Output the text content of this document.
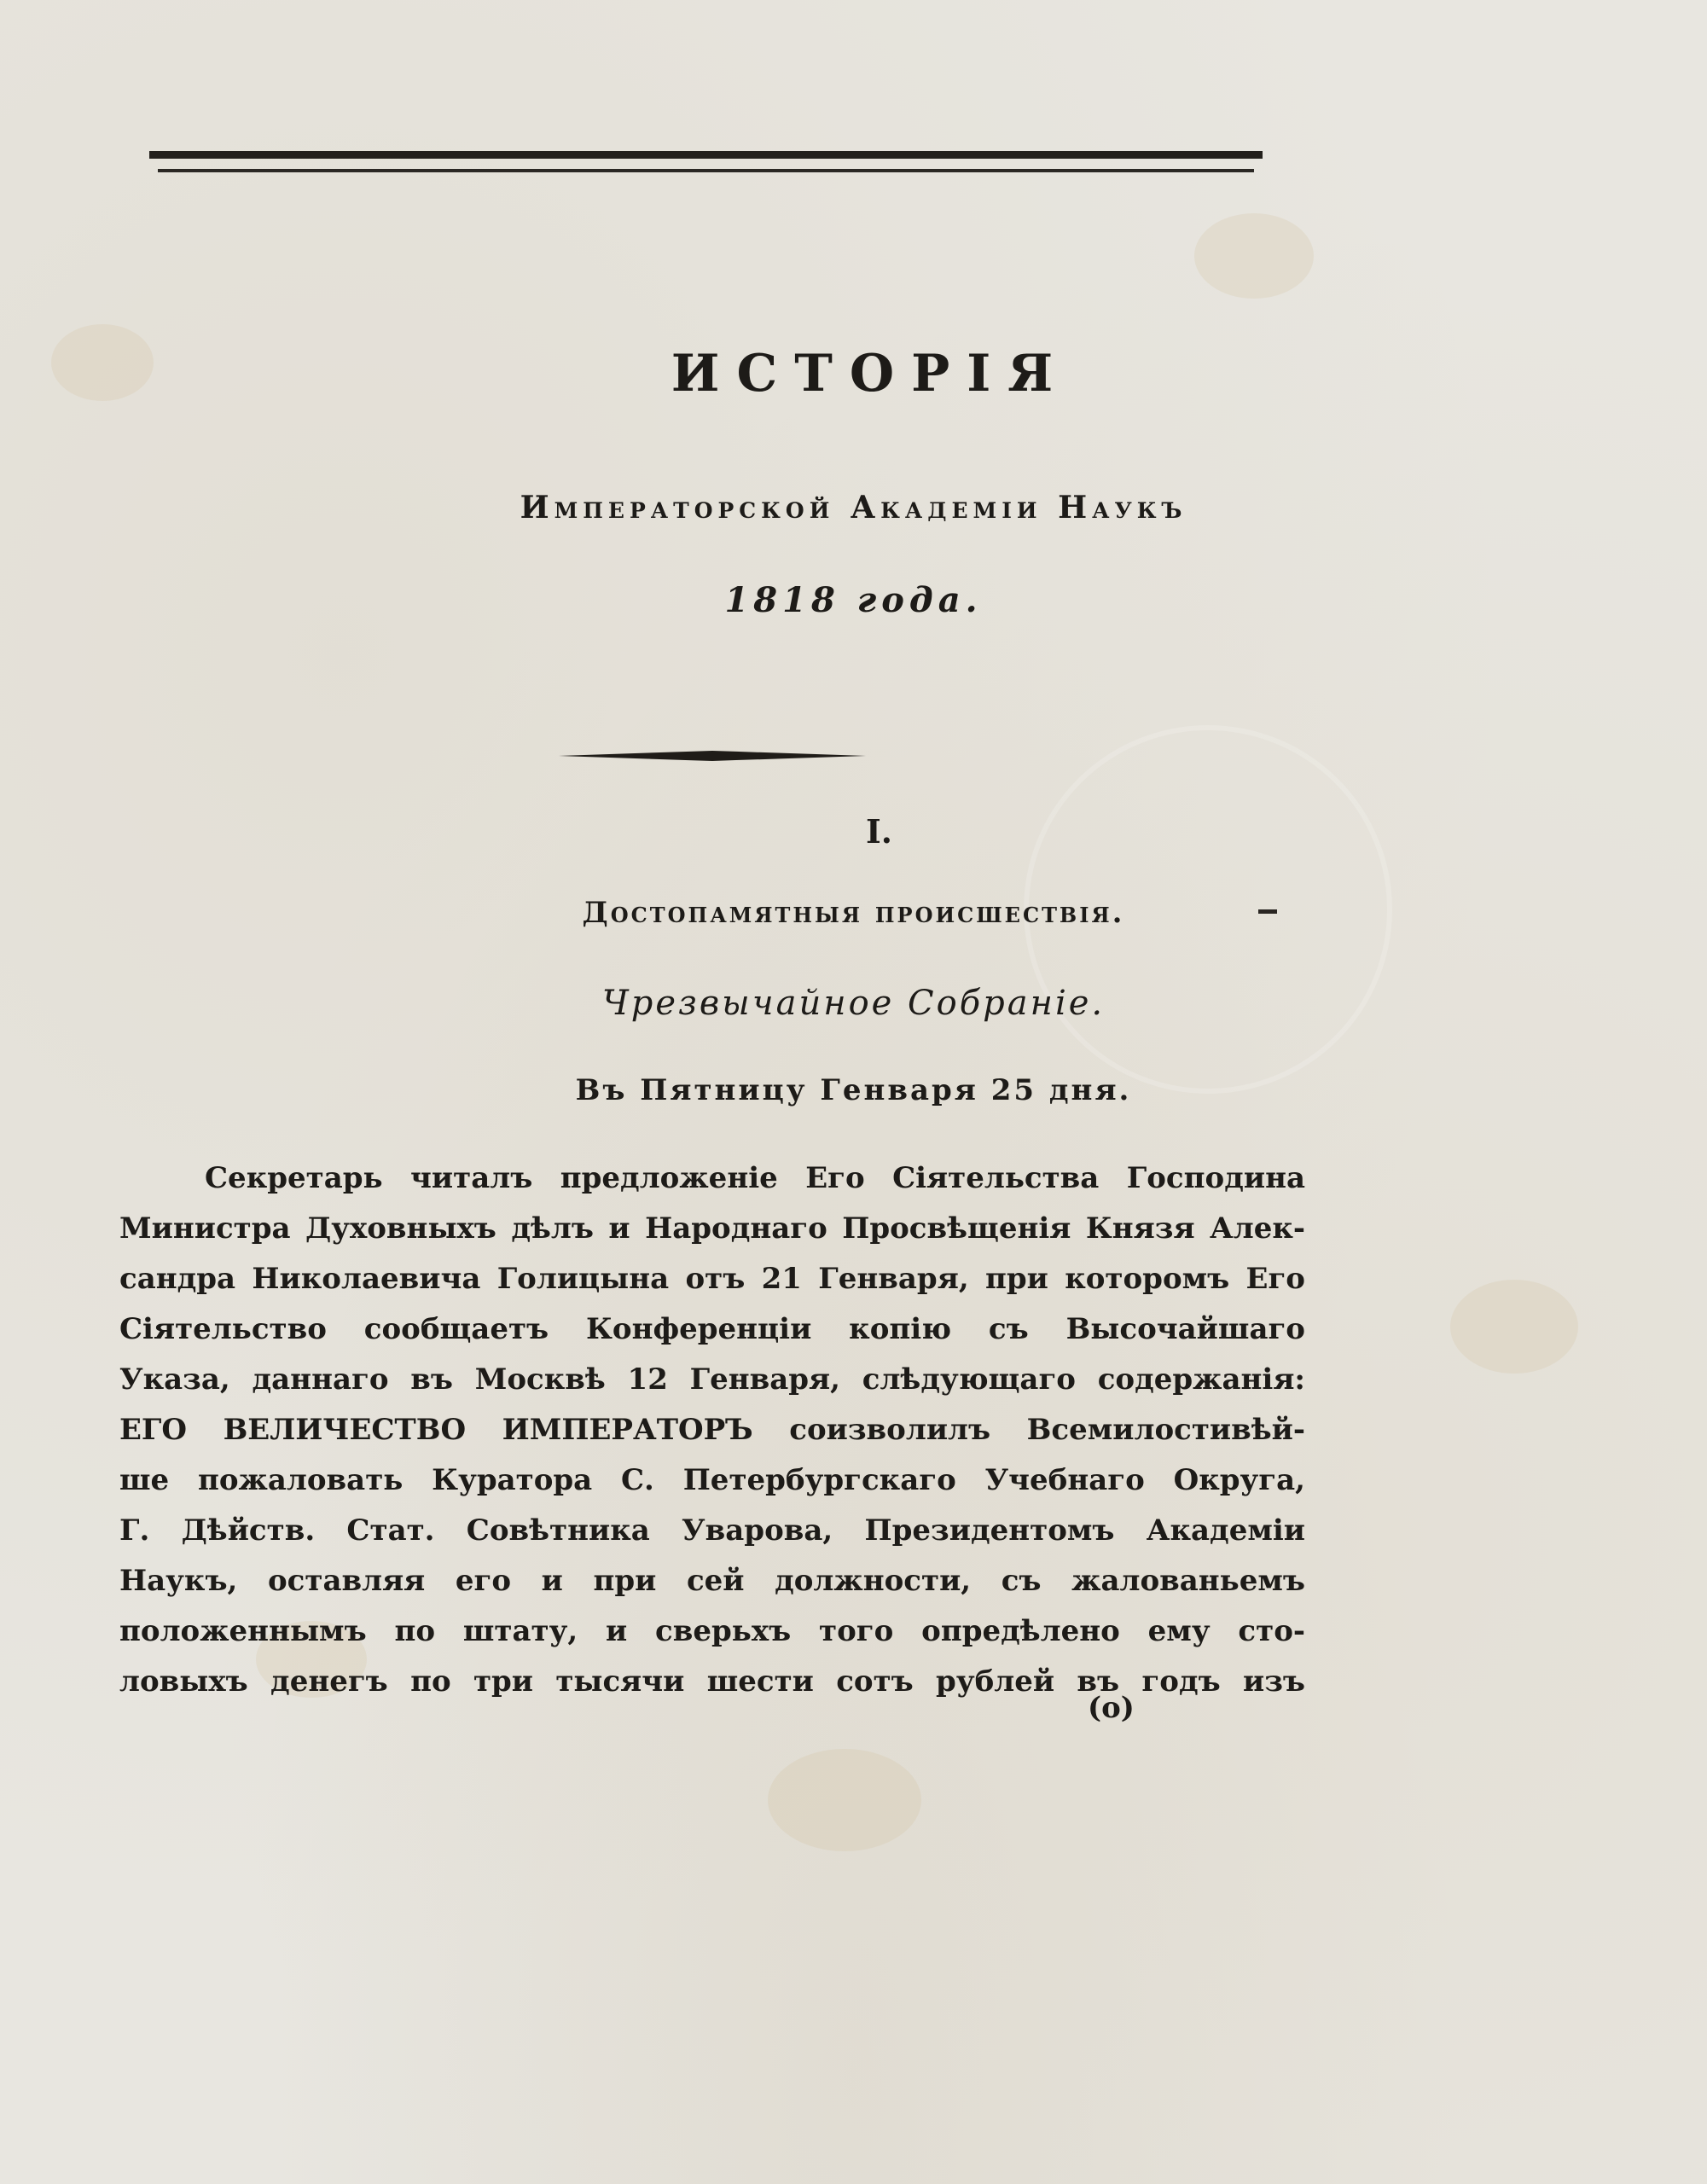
ИСТОРІЯ
Императорской Академіи Наукъ
1818 года.
I.
Достопамятныя происшествія.
Чрезвычайное Собраніе.
Въ Пятницу Генваря 25 дня.
Секретарь читалъ предложеніе Его Сіятельства Господина
Министра Духовныхъ дѣлъ и Народнаго Просвѣщенія Князя Алек-
сандра Николаевича Голицына отъ 21 Генваря, при которомъ Его
Сіятельство сообщаетъ Конференціи копію съ Высочайшаго
Указа, даннаго въ Москвѣ 12 Генваря, слѣдующаго содержанія:
ЕГО ВЕЛИЧЕСТВО ИМПЕРАТОРЪ соизволилъ Всемилостивѣй-
ше пожаловать Куратора С. Петербургскаго Учебнаго Округа,
Г. Дѣйств. Стат. Совѣтника Уварова, Президентомъ Академіи
Наукъ, оставляя его и при сей должности, съ жалованьемъ
положеннымъ по штату, и сверьхъ того опредѣлено ему сто-
ловыхъ денегъ по три тысячи шести сотъ рублей въ годъ изъ
(о)
